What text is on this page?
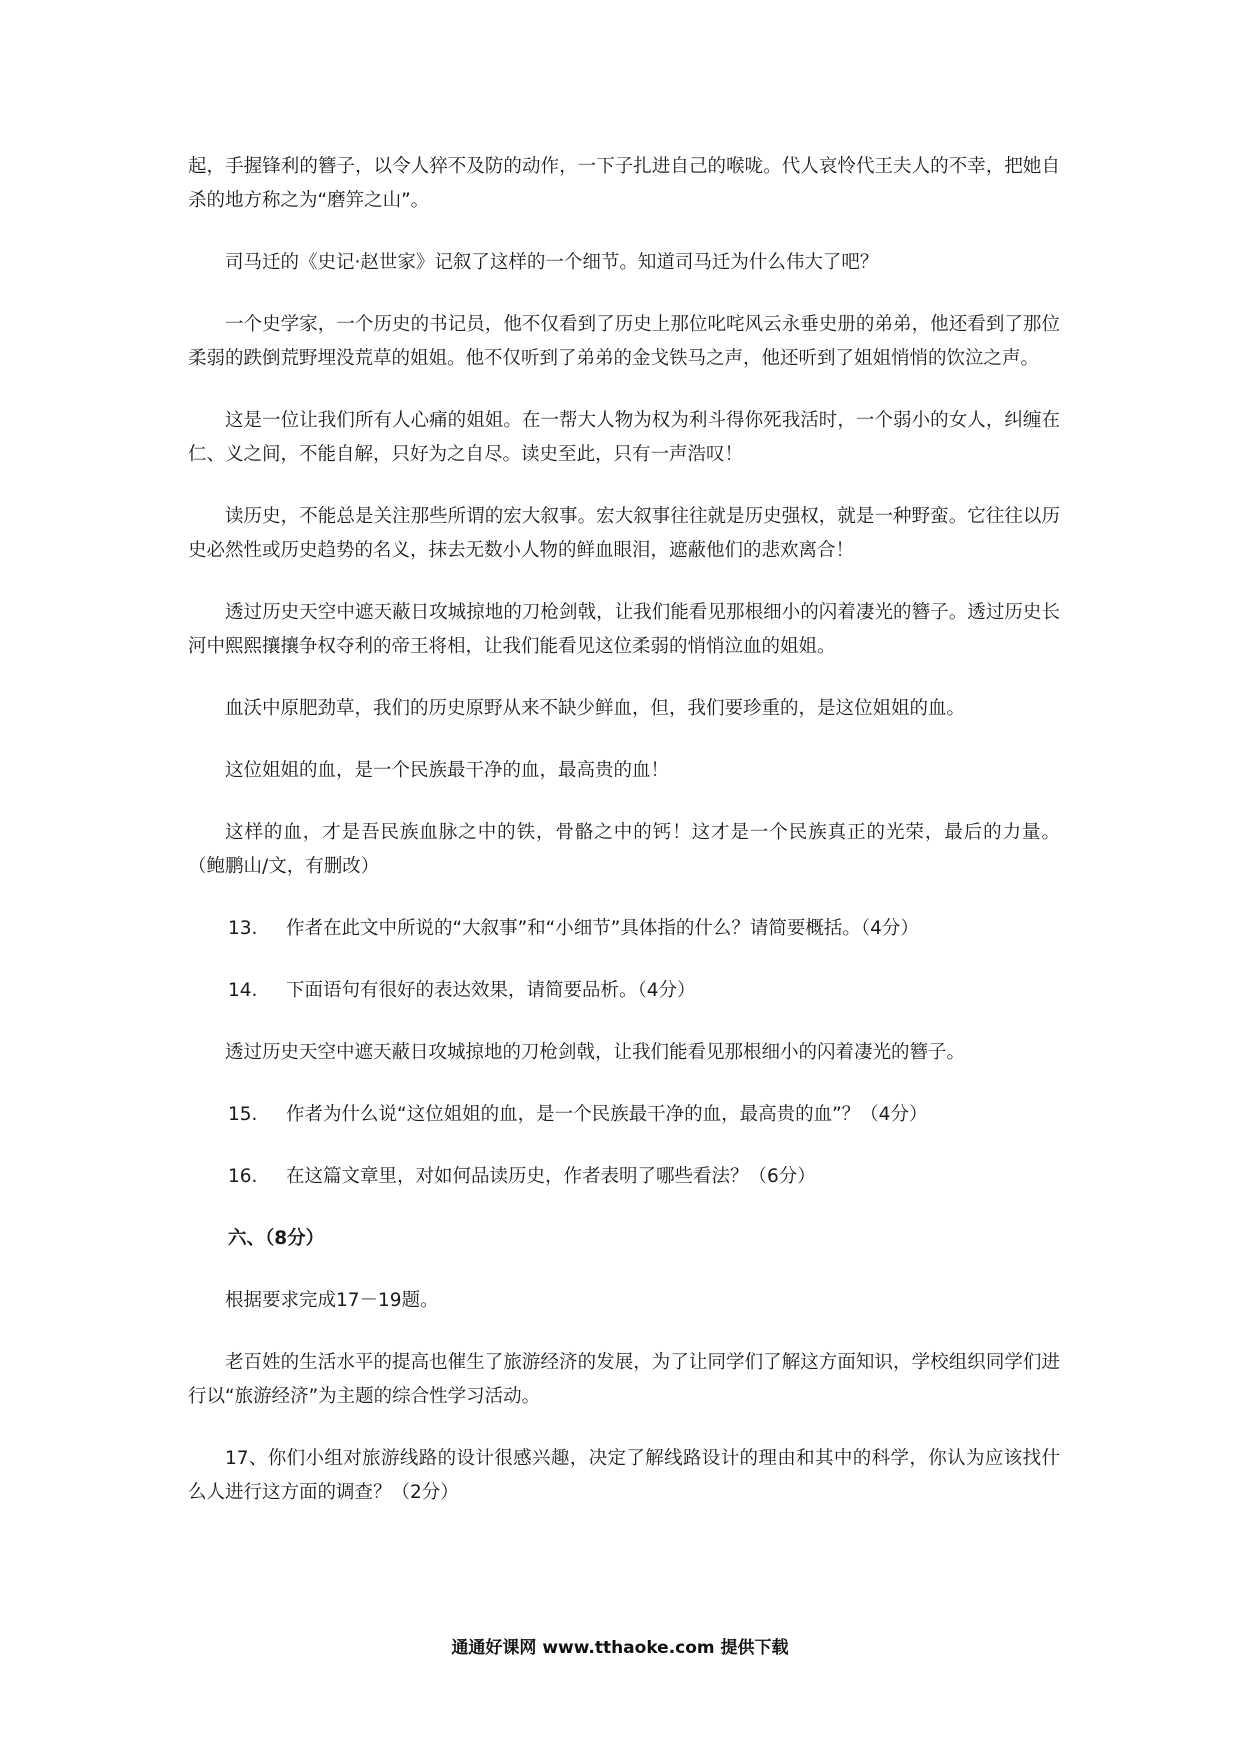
起，手握锋利的簪子，以令人猝不及防的动作，一下子扎进自己的喉咙。代人哀怜代王夫人的不幸，把她自杀的地方称之为“磨笄之山”。

司马迁的《史记·赵世家》记叙了这样的一个细节。知道司马迁为什么伟大了吧？

一个史学家，一个历史的书记员，他不仅看到了历史上那位叱咤风云永垂史册的弟弟，他还看到了那位柔弱的跌倒荒野埋没荒草的姐姐。他不仅听到了弟弟的金戈铁马之声，他还听到了姐姐悄悄的饮泣之声。

这是一位让我们所有人心痛的姐姐。在一帮大人物为权为利斗得你死我活时，一个弱小的女人，纠缠在仁、义之间，不能自解，只好为之自尽。读史至此，只有一声浩叹！

读历史，不能总是关注那些所谓的宏大叙事。宏大叙事往往就是历史强权，就是一种野蛮。它往往以历史必然性或历史趋势的名义，抹去无数小人物的鲜血眼泪，遮蔽他们的悲欢离合！

透过历史天空中遮天蔽日攻城掠地的刀枪剑戟，让我们能看见那根细小的闪着凄光的簪子。透过历史长河中熙熙攘攘争权夺利的帝王将相，让我们能看见这位柔弱的悄悄泣血的姐姐。

血沃中原肥劲草，我们的历史原野从来不缺少鲜血，但，我们要珍重的，是这位姐姐的血。

这位姐姐的血，是一个民族最干净的血，最高贵的血！

这样的血，才是吾民族血脉之中的铁，骨骼之中的钙！这才是一个民族真正的光荣，最后的力量。 （鲍鹏山/文，有删改）

13.	作者在此文中所说的“大叙事”和“小细节”具体指的什么？请简要概括。（4分）
14.	下面语句有很好的表达效果，请简要品析。（4分）

透过历史天空中遮天蔽日攻城掠地的刀枪剑戟，让我们能看见那根细小的闪着凄光的簪子。

15.	作者为什么说“这位姐姐的血，是一个民族最干净的血，最高贵的血”？（4分）
16.	在这篇文章里，对如何品读历史，作者表明了哪些看法？（6分）
六、（8分）

根据要求完成17－19题。

老百姓的生活水平的提高也催生了旅游经济的发展，为了让同学们了解这方面知识，学校组织同学们进行以“旅游经济”为主题的综合性学习活动。

17、你们小组对旅游线路的设计很感兴趣，决定了解线路设计的理由和其中的科学，你认为应该找什么人进行这方面的调查？（2分）

通通好课网 www.tthaoke.com 提供下载
